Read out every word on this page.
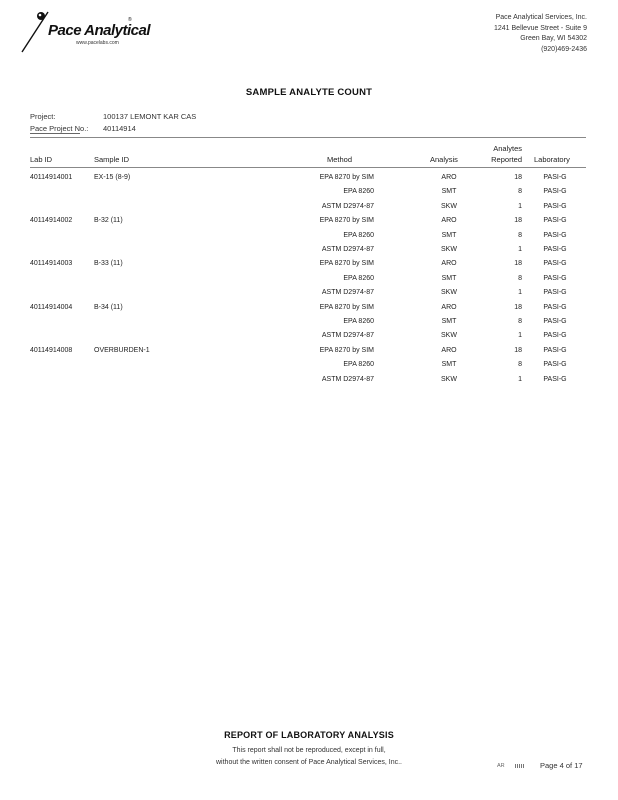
Pace Analytical
®
www.pacelabs.com
Pace Analytical Services, Inc.
1241 Bellevue Street - Suite 9
Green Bay, WI 54302
(920)469-2436
SAMPLE ANALYTE COUNT
Project:	100137 LEMONT KAR CAS
Pace Project No.: 40114914
Lab ID	Sample ID	Method	Analysis
Analytes
Reported Laboratory
40114914001	EX-15 (8-9)	EPA 8270 by SIM	ARO	18	PASI-G
EPA 8260	SMT	8	PASI-G
ASTM D2974-87	SKW	1	PASI-G
40114914002	B-32 (11)	EPA 8270 by SIM	ARO	18	PASI-G
EPA 8260	SMT	8	PASI-G
ASTM D2974-87	SKW	1	PASI-G
40114914003	B-33 (11)	EPA 8270 by SIM	ARO	18	PASI-G
EPA 8260	SMT	8	PASI-G
ASTM D2974-87	SKW	1	PASI-G
40114914004	B-34 (11)	EPA 8270 by SIM	ARO	18	PASI-G
EPA 8260	SMT	8	PASI-G
ASTM D2974-87	SKW	1	PASI-G
40114914008	OVERBURDEN-1	EPA 8270 by SIM	ARO	18	PASI-G
EPA 8260	SMT	8	PASI-G
ASTM D2974-87	SKW	1	PASI-G
REPORT OF LABORATORY ANALYSIS
This report shall not be reproduced, except in full,
without the written consent of Pace Analytical Services, Inc..	AR	Page 4 of 17
